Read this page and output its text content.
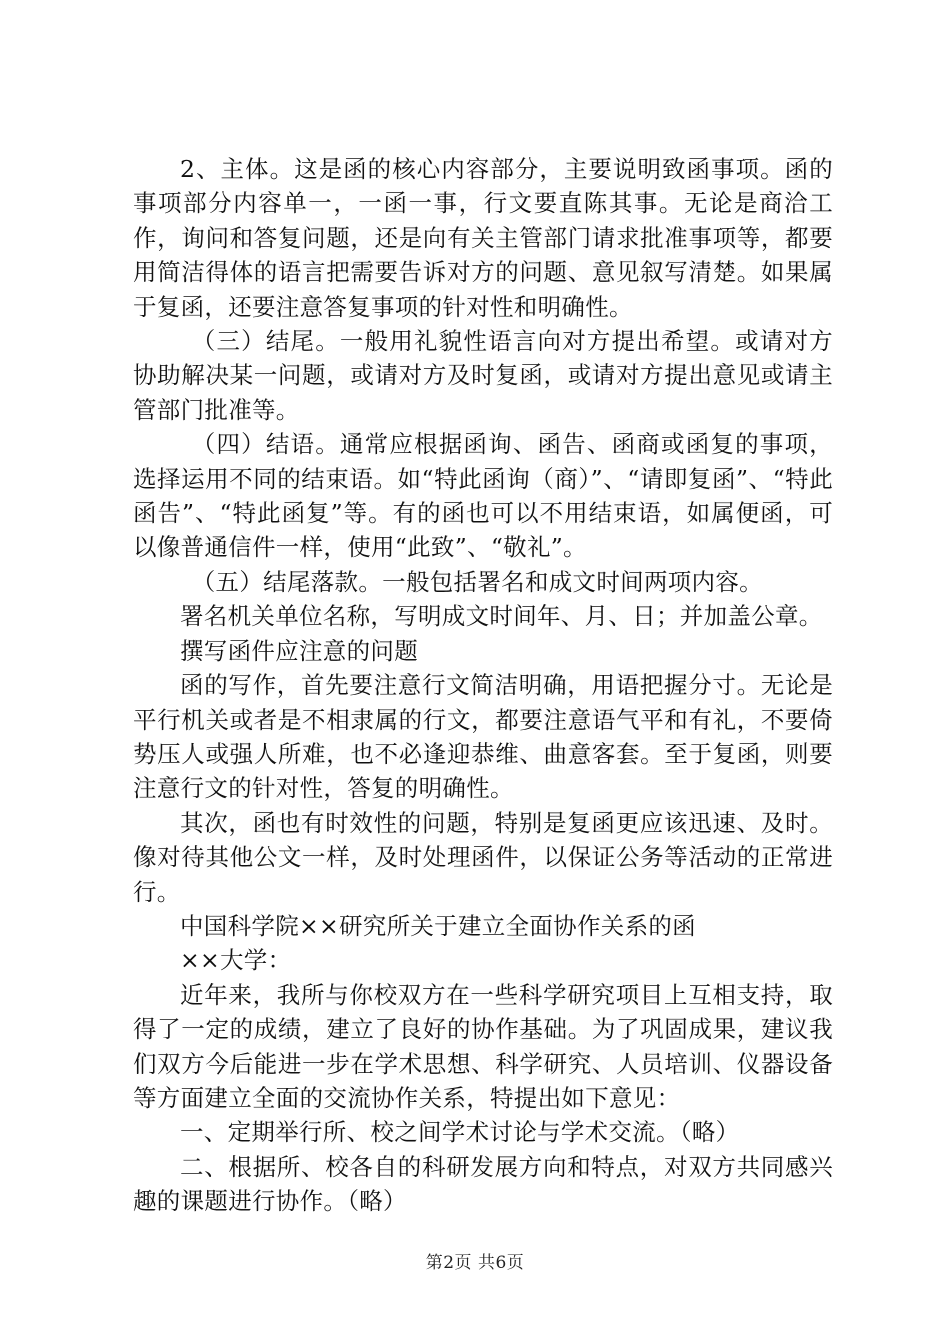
2、主体。这是函的核心内容部分，主要说明致函事项。函的事项部分内容单一，一函一事，行文要直陈其事。无论是商洽工作，询问和答复问题，还是向有关主管部门请求批准事项等，都要用简洁得体的语言把需要告诉对方的问题、意见叙写清楚。如果属于复函，还要注意答复事项的针对性和明确性。

（三）结尾。一般用礼貌性语言向对方提出希望。或请对方协助解决某一问题，或请对方及时复函，或请对方提出意见或请主管部门批准等。

（四）结语。通常应根据函询、函告、函商或函复的事项，选择运用不同的结束语。如“特此函询（商）”、“请即复函”、“特此函告”、“特此函复”等。有的函也可以不用结束语，如属便函，可以像普通信件一样，使用“此致”、“敬礼”。

（五）结尾落款。一般包括署名和成文时间两项内容。

署名机关单位名称，写明成文时间年、月、日；并加盖公章。

撰写函件应注意的问题

函的写作，首先要注意行文简洁明确，用语把握分寸。无论是平行机关或者是不相隶属的行文，都要注意语气平和有礼，不要倚势压人或强人所难，也不必逢迎恭维、曲意客套。至于复函，则要注意行文的针对性，答复的明确性。

其次，函也有时效性的问题，特别是复函更应该迅速、及时。像对待其他公文一样，及时处理函件，以保证公务等活动的正常进行。

中国科学院××研究所关于建立全面协作关系的函

××大学：

近年来，我所与你校双方在一些科学研究项目上互相支持，取得了一定的成绩，建立了良好的协作基础。为了巩固成果，建议我们双方今后能进一步在学术思想、科学研究、人员培训、仪器设备等方面建立全面的交流协作关系，特提出如下意见：

一、定期举行所、校之间学术讨论与学术交流。（略）

二、根据所、校各自的科研发展方向和特点，对双方共同感兴趣的课题进行协作。（略）

第2页 共6页
